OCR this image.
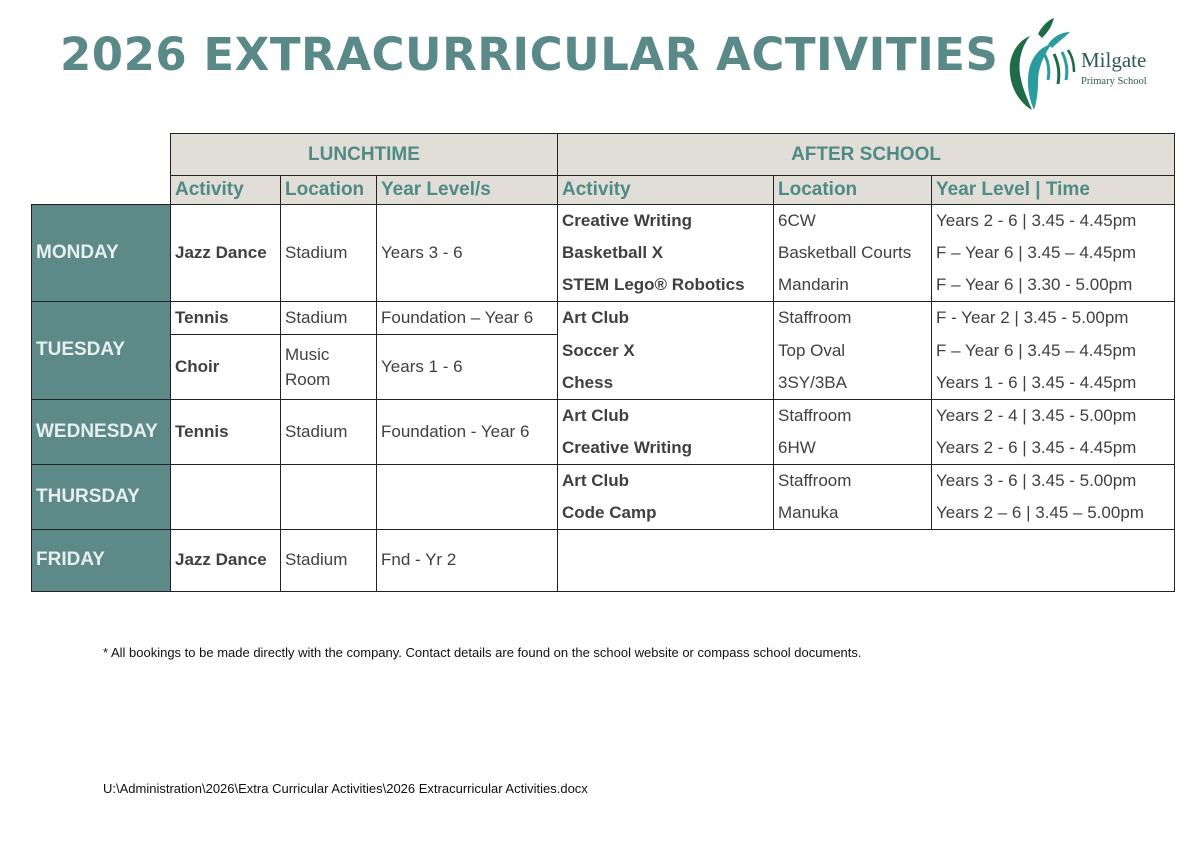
2026 EXTRACURRICULAR ACTIVITIES	Milgate
Primary School
	LUNCHTIME			AFTER SCHOOL		
	Activity	Location	Year Level/s	Activity	Location	Year Level | Time
MONDAY	Jazz Dance	Stadium	Years 3 - 6	Creative Writing	6CW	Years 2 - 6 | 3.45 - 4.45pm
				Basketball X	Basketball Courts	F – Year 6 | 3.45 – 4.45pm
				STEM Lego® Robotics	Mandarin	F – Year 6 | 3.30 - 5.00pm
TUESDAY	Tennis	Stadium	Foundation – Year 6	Art Club	Staffroom	F - Year 2 | 3.45 - 5.00pm
	Choir	Music Room	Years 1 - 6	Soccer X	Top Oval	F – Year 6 | 3.45 – 4.45pm
				Chess	3SY/3BA	Years 1 - 6 | 3.45 - 4.45pm
WEDNESDAY	Tennis	Stadium	Foundation - Year 6	Art Club	Staffroom	Years 2 - 4 | 3.45 - 5.00pm
				Creative Writing	6HW	Years 2 - 6 | 3.45 - 4.45pm
THURSDAY				Art Club	Staffroom	Years 3 - 6 | 3.45 - 5.00pm
				Code Camp	Manuka	Years 2 – 6 | 3.45 – 5.00pm
FRIDAY	Jazz Dance	Stadium	Fnd - Yr 2			
* All bookings to be made directly with the company. Contact details are found on the school website or compass school documents.
U:\Administration\2026\Extra Curricular Activities\2026 Extracurricular Activities.docx
